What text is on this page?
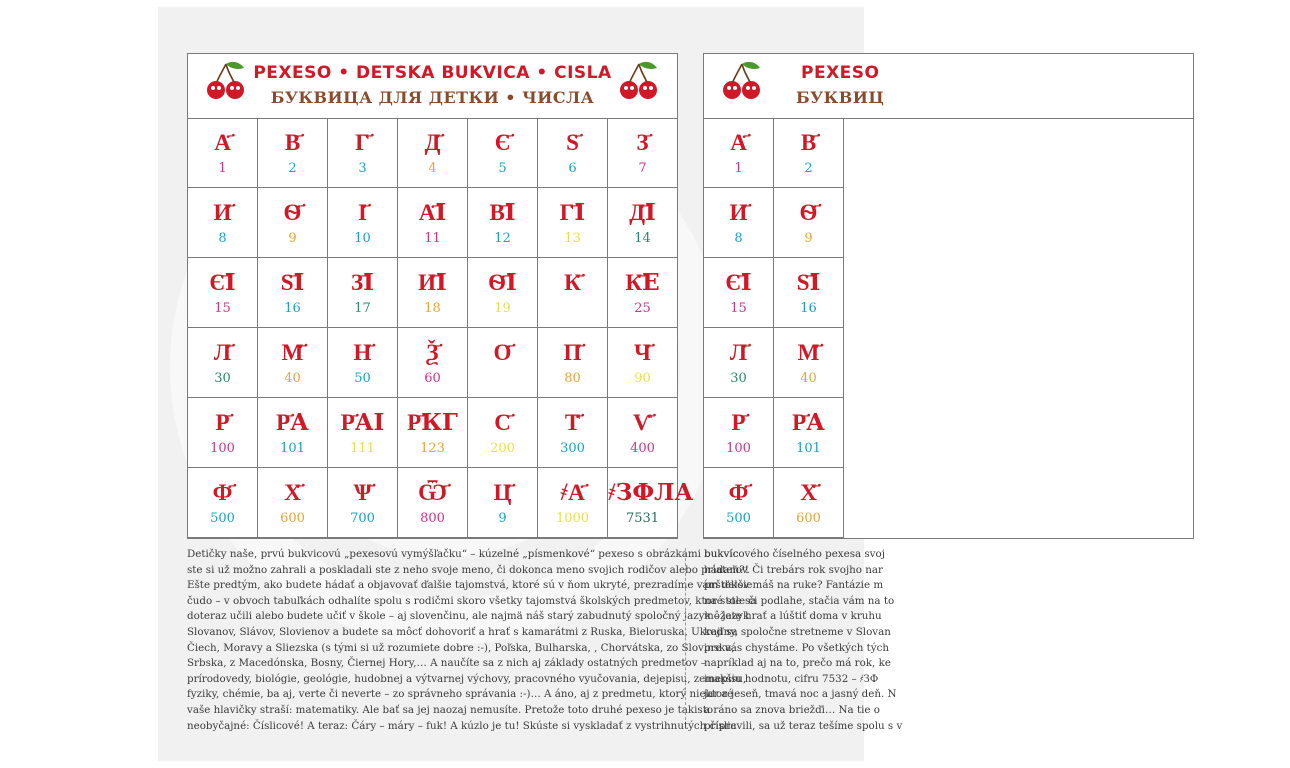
PEXESO • DETSKA BUKVICA • CISLA
БУКВИЦА ДЛЯ ДЕТКИ • ЧИСЛА
А҃
1
В҃
2
Г҃
3
Д҃
4
Є҃
5
Ѕ҃
6
З҃
7
И҃
8
Ѳ҃
9
І҃
10
А҃І
11
В҃І
12
Г҃І
13
Д҃І
14
Є҃І
15
Ѕ҃І
16
З҃І
17
И҃І
18
Ѳ҃І
19
К҃
20
К҃Е
25
Л҃
30
М҃
40
Н҃
50
Ѯ҃
60
О҃
70
П҃
80
Ч҃
90
Р҃
100
Р҃А
101
Р҃АІ
111
Р҃КГ
123
С҃
200
Т҃
300
Ѵ҃
400
Ф҃
500
Х҃
600
Ѱ҃
700
Ѿ҃
800
Ц҃
9
҂А҃
1000
҂ЗФЛА
7531
PEXESO
БУКВИЦ
А҃
1
В҃
2
И҃
8
Ѳ҃
9
Є҃І
15
Ѕ҃І
16
Л҃
30
М҃
40
Р҃
100
Р҃А
101
Ф҃
500
Х҃
600

Detičky naše, prvú bukvicovú „pexesovú vymýšľačku“ – kúzelné „písmenkové“ pexeso s obrázkami bukvíc

ste si už možno zahrali a poskladali ste z neho svoje meno, či dokonca meno svojich rodičov alebo priateľov.

Ešte predtým, ako budete hádať a objavovať ďalšie tajomstvá, ktoré sú v ňom ukryté, prezradíme vám ďalšie

čudo – v obvoch tabuľkách odhalíte spolu s rodičmi skoro všetky tajomstvá školských predmetov, ktoré ste sa

doteraz učili alebo budete učiť v škole – aj slovenčinu, ale najmä náš starý zabudnutý spoločný jazyk – jazyk

Slovanov, Slávov, Slovienov a budete sa môcť dohovoriť a hrať s kamarátmi z Ruska, Bieloruska, Ukrajiny,

Čiech, Moravy a Sliezska (s tými si už rozumiete dobre :-), Poľska, Bulharska, , Chorvátska, zo Slovinska,

Srbska, z Macedónska, Bosny, Čiernej Hory,… A naučíte sa z nich aj základy ostatných predmetov –

prírodovedy, biológie, geológie, hudobnej a výtvarnej výchovy, pracovného vyučovania, dejepisu, zemepisu,

fyziky, chémie, ba aj, verte či neverte – zo správneho správania :-)… A áno, aj z predmetu, ktorý niektoré

vaše hlavičky straší: matematiky. Ale bať sa jej naozaj nemusíte. Pretože toto druhé pexeso je takisto

neobyčajné: Číslicové! A teraz: Čáry – máry – fuk! A kúzlo je tu! Skúste si vyskladať z vystrihnutých číslic

bukvicového číselného pexesa svoj

hádam?! Či trebárs rok svojho nar

prštekov máš na ruke? Fantázie m

na stole či podlahe, stačia vám na to

môžete hrať a lúštiť doma v kruhu

keď sa spoločne stretneme v Slovan

pre vás chystáme. Po všetkých tých

napríklad aj na to, prečo má rok, ke

inakšiu hodnotu, cifru 7532 – ҂ЗФ

jar a jeseň, tmavá noc a jasný deň. N

a ráno sa znova briežďi… Na tie o

pripravili, sa už teraz tešíme spolu s v
